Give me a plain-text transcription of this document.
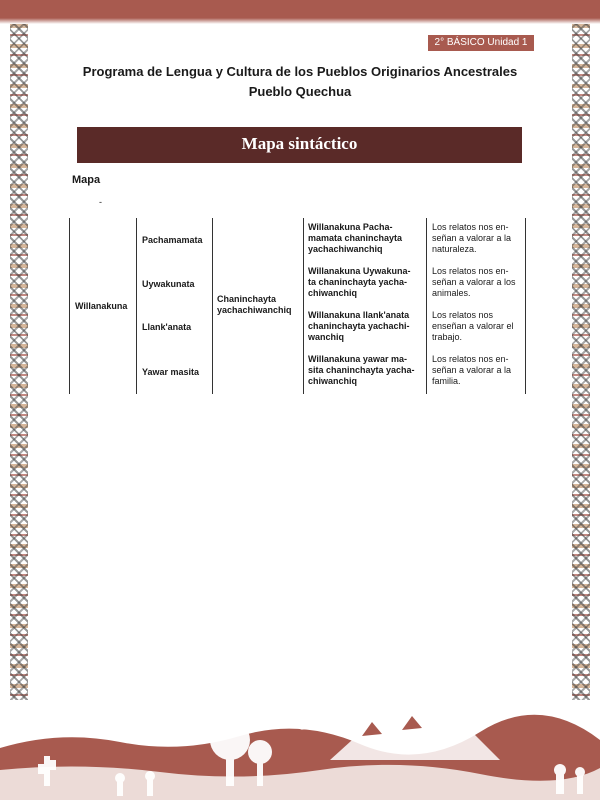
2° BÁSICO Unidad 1
Programa de Lengua y Cultura de los Pueblos Originarios Ancestrales
Pueblo Quechua
Mapa sintáctico
Mapa
-
Willanakuna
Pachamamata
Uywakunata
Llank'anata
Yawar masita
Chaninchayta
yachachiwanchiq
Willanakuna Pacha-
mamata chaninchayta
yachachiwanchiq
Willanakuna Uywakuna-
ta chaninchayta yacha-
chiwanchiq
Willanakuna llank'anata
chaninchayta yachachi-
wanchiq
Willanakuna yawar ma-
sita chaninchayta yacha-
chiwanchiq
Los relatos nos en-
señan a valorar a la
naturaleza.
Los relatos nos en-
señan a valorar a los
animales.
Los relatos nos
enseñan a valorar el
trabajo.
Los relatos nos en-
señan a valorar a la
familia.
